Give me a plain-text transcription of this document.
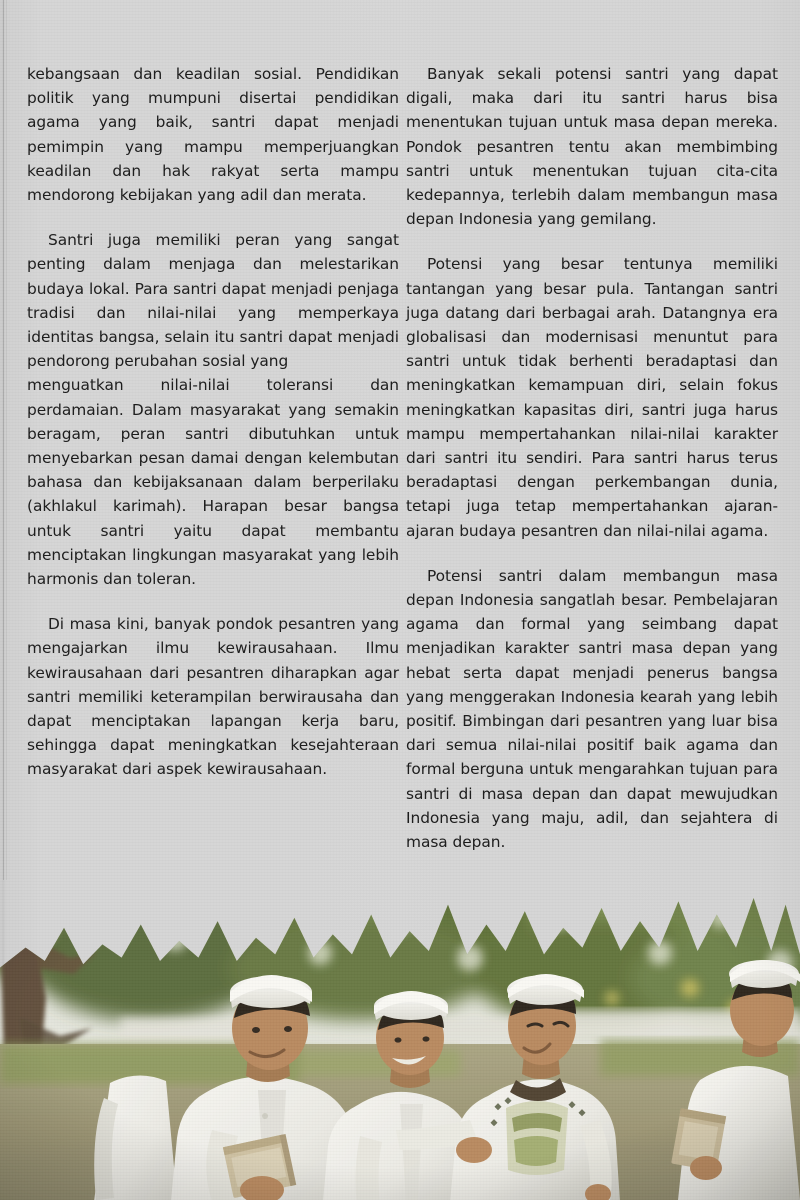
kebangsaan dan keadilan sosial. Pendidikan politik yang mumpuni disertai pendidikan agama yang baik, santri dapat menjadi pemimpin yang mampu memperjuangkan keadilan dan hak rakyat serta mampu mendorong kebijakan yang adil dan merata.

Santri juga memiliki peran yang sangat penting dalam menjaga dan melestarikan budaya lokal. Para santri dapat menjadi penjaga tradisi dan nilai-nilai yang memperkaya identitas bangsa, selain itu santri dapat menjadi pendorong perubahan sosial yang

menguatkan nilai-nilai toleransi dan perdamaian. Dalam masyarakat yang semakin beragam, peran santri dibutuhkan untuk menyebarkan pesan damai dengan kelembutan bahasa dan kebijaksanaan dalam berperilaku (akhlakul karimah). Harapan besar bangsa untuk santri yaitu dapat membantu menciptakan lingkungan masyarakat yang lebih harmonis dan toleran.

Di masa kini, banyak pondok pesantren yang mengajarkan ilmu kewirausahaan. Ilmu kewirausahaan dari pesantren diharapkan agar santri memiliki keterampilan berwirausaha dan dapat menciptakan lapangan kerja baru, sehingga dapat meningkatkan kesejahteraan masyarakat dari aspek kewirausahaan.

Banyak sekali potensi santri yang dapat digali, maka dari itu santri harus bisa menentukan tujuan untuk masa depan mereka. Pondok pesantren tentu akan membimbing santri untuk menentukan tujuan cita-cita kedepannya, terlebih dalam membangun masa depan Indonesia yang gemilang.

Potensi yang besar tentunya memiliki tantangan yang besar pula. Tantangan santri juga datang dari berbagai arah. Datangnya era globalisasi dan modernisasi menuntut para santri untuk tidak berhenti beradaptasi dan meningkatkan kemampuan diri, selain fokus meningkatkan kapasitas diri, santri juga harus mampu mempertahankan nilai-nilai karakter dari santri itu sendiri. Para santri harus terus beradaptasi dengan perkembangan dunia, tetapi juga tetap mempertahankan ajaran-ajaran budaya pesantren dan nilai-nilai agama.

Potensi santri dalam membangun masa depan Indonesia sangatlah besar. Pembelajaran agama dan formal yang seimbang dapat menjadikan karakter santri masa depan yang hebat serta dapat menjadi penerus bangsa yang menggerakan Indonesia kearah yang lebih positif. Bimbingan dari pesantren yang luar bisa dari semua nilai-nilai positif baik agama dan formal berguna untuk mengarahkan tujuan para santri di masa depan dan dapat mewujudkan Indonesia yang maju, adil, dan sejahtera di masa depan.
